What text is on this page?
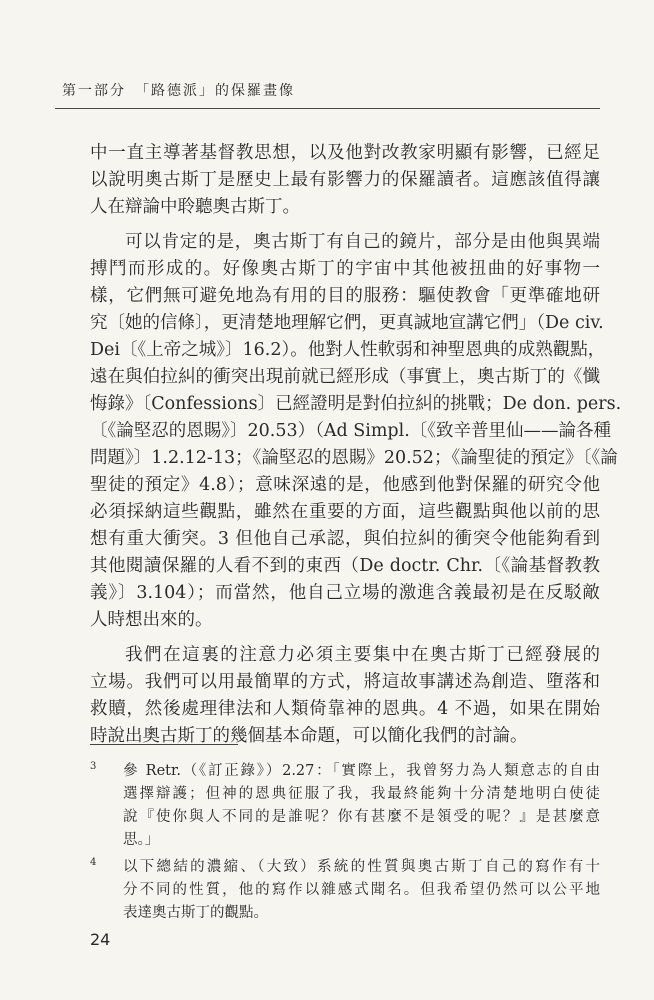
第一部分　「路德派」的保羅畫像
中一直主導著基督教思想，以及他對改教家明顯有影響，已經足
以說明奧古斯丁是歷史上最有影響力的保羅讀者。這應該值得讓
人在辯論中聆聽奧古斯丁。
可以肯定的是，奧古斯丁有自己的鏡片，部分是由他與異端
搏鬥而形成的。好像奧古斯丁的宇宙中其他被扭曲的好事物一
樣，它們無可避免地為有用的目的服務：驅使教會「更準確地研
究〔她的信條〕，更清楚地理解它們，更真誠地宣講它們」（De civ.
Dei〔《上帝之城》〕16.2）。他對人性軟弱和神聖恩典的成熟觀點，
遠在與伯拉糾的衝突出現前就已經形成（事實上，奧古斯丁的《懺
悔錄》〔Confessions〕已經證明是對伯拉糾的挑戰；De don. pers.
〔《論堅忍的恩賜》〕20.53）（Ad Simpl.〔《致辛普里仙——論各種
問題》〕1.2.12-13；《論堅忍的恩賜》20.52；《論聖徒的預定》〔《論
聖徒的預定》4.8）；意味深遠的是，他感到他對保羅的研究令他
必須採納這些觀點，雖然在重要的方面，這些觀點與他以前的思
想有重大衝突。3 但他自己承認，與伯拉糾的衝突令他能夠看到
其他閱讀保羅的人看不到的東西（De doctr. Chr.〔《論基督教教
義》〕3.104）；而當然，他自己立場的激進含義最初是在反駁敵
人時想出來的。
我們在這裏的注意力必須主要集中在奧古斯丁已經發展的
立場。我們可以用最簡單的方式，將這故事講述為創造、墮落和
救贖，然後處理律法和人類倚靠神的恩典。4 不過，如果在開始
時說出奧古斯丁的幾個基本命題，可以簡化我們的討論。
3 參 Retr.（《訂正錄》）2.27：「實際上，我曾努力為人類意志的自由
選擇辯護；但神的恩典征服了我，我最終能夠十分清楚地明白使徒
說『使你與人不同的是誰呢？你有甚麼不是領受的呢？』是甚麼意
思。」
4 以下總結的濃縮、（大致）系統的性質與奧古斯丁自己的寫作有十
分不同的性質，他的寫作以雜感式聞名。但我希望仍然可以公平地
表達奧古斯丁的觀點。
24
